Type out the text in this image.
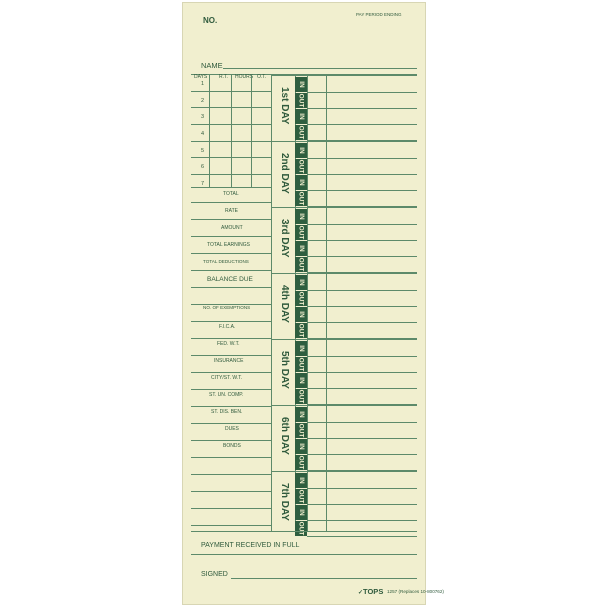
NO.
PAY PERIOD ENDING
NAME
DAYS R.T. HOURS O.T.
1
2
3
4
5
6
7
TOTAL
RATE
AMOUNT
TOTAL EARNINGS
TOTAL DEDUCTIONS
BALANCE DUE
NO. OF EXEMPTIONS
F.I.C.A.
FED. W.T.
INSURANCE
CITY/ST. W.T.
ST. UN. COMP.
ST. DIS. BEN.
DUES
BONDS
1st DAY
2nd DAY
3rd DAY
4th DAY
5th DAY
6th DAY
7th DAY
IN
OUT
IN
OUT
IN
OUT
IN
OUT
IN
OUT
IN
OUT
IN
OUT
IN
OUT
IN
OUT
IN
OUT
IN
OUT
IN
OUT
IN
OUT
IN
OUT
PAYMENT RECEIVED IN FULL
SIGNED
✓TOPS 1257 (Replaces 10-800762)
